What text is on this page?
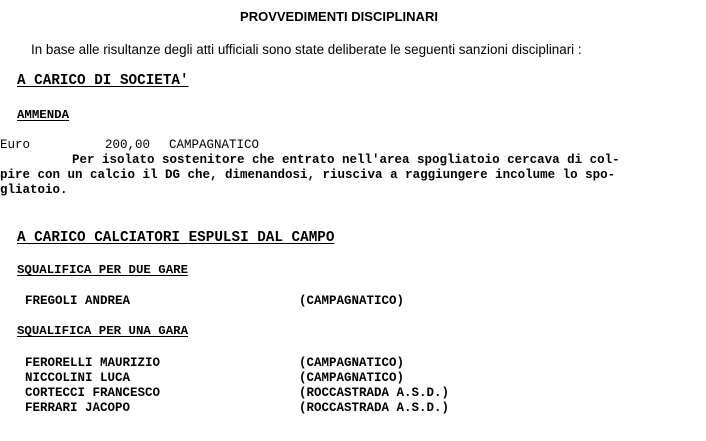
PROVVEDIMENTI DISCIPLINARI
In base alle risultanze degli atti ufficiali sono state deliberate le seguenti sanzioni disciplinari :
A CARICO DI SOCIETA'
AMMENDA
Euro	200,00 CAMPAGNATICO
Per isolato sostenitore che entrato nell'area spogliatoio cercava di col-
pire con un calcio il DG che, dimenandosi, riusciva a raggiungere incolume lo spo-
gliatoio.
A CARICO CALCIATORI ESPULSI DAL CAMPO
SQUALIFICA PER DUE GARE
FREGOLI ANDREA	(CAMPAGNATICO)
SQUALIFICA PER UNA GARA
FERORELLI MAURIZIO	(CAMPAGNATICO)
NICCOLINI LUCA	(CAMPAGNATICO)
CORTECCI FRANCESCO	(ROCCASTRADA A.S.D.)
FERRARI JACOPO	(ROCCASTRADA A.S.D.)
